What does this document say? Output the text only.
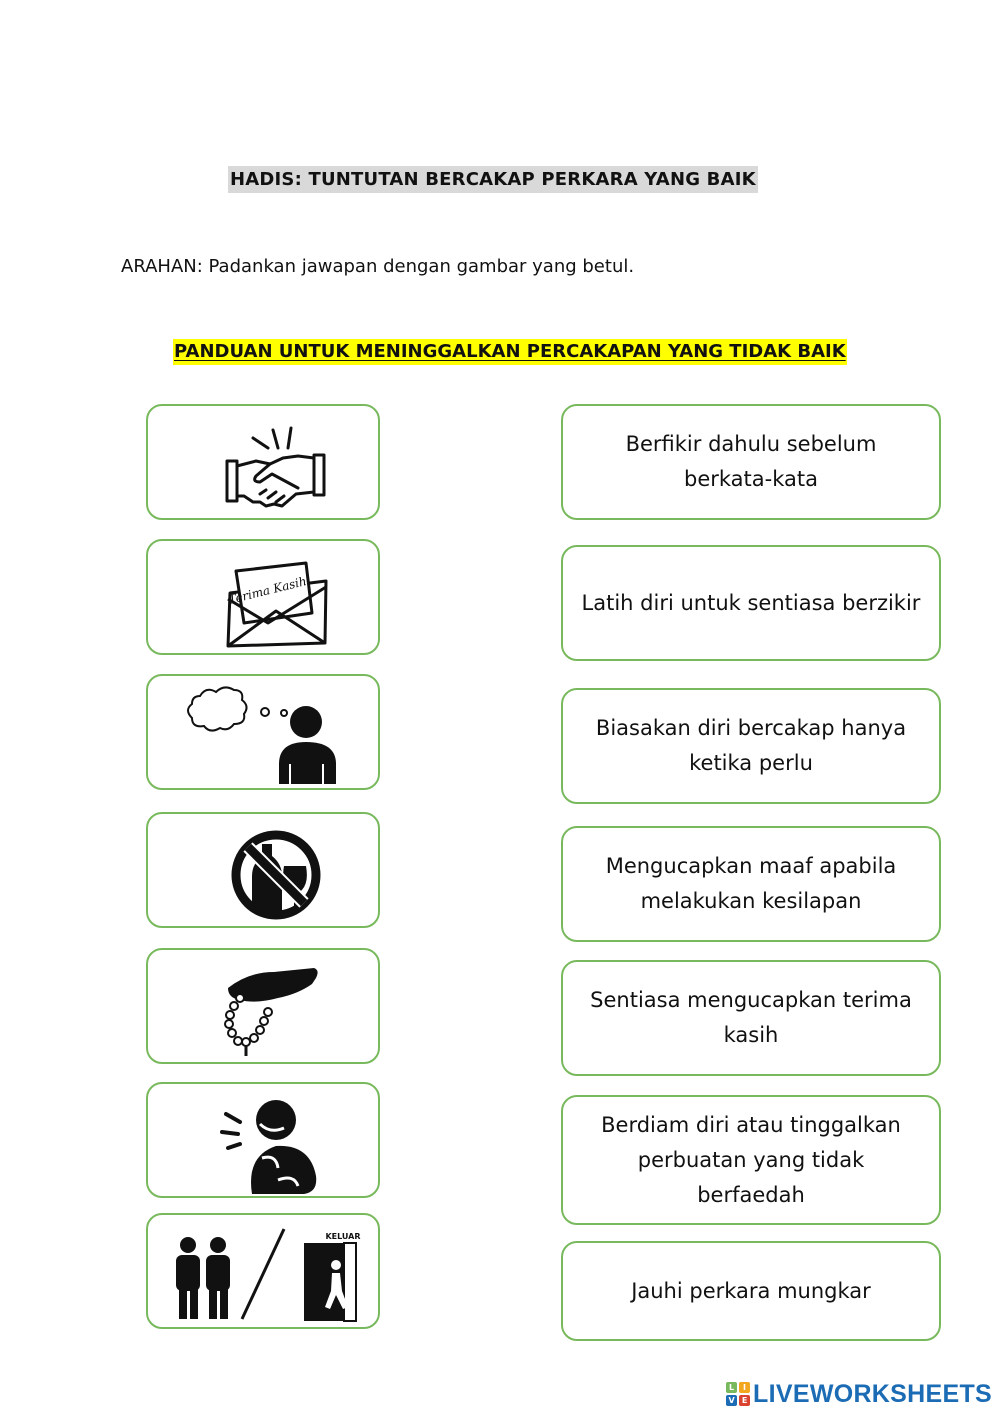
HADIS: TUNTUTAN BERCAKAP PERKARA YANG BAIK
ARAHAN: Padankan jawapan dengan gambar yang betul.
PANDUAN UNTUK MENINGGALKAN PERCAKAPAN YANG TIDAK BAIK
Terima Kasih ..
KELUAR
Berfikir dahulu sebelum berkata-kata
Latih diri untuk sentiasa berzikir
Biasakan diri bercakap hanya ketika perlu
Mengucapkan maaf apabila melakukan kesilapan
Sentiasa mengucapkan terima kasih
Berdiam diri atau tinggalkan perbuatan yang tidak berfaedah
Jauhi perkara mungkar
L	I
V E LIVEWORKSHEETS
